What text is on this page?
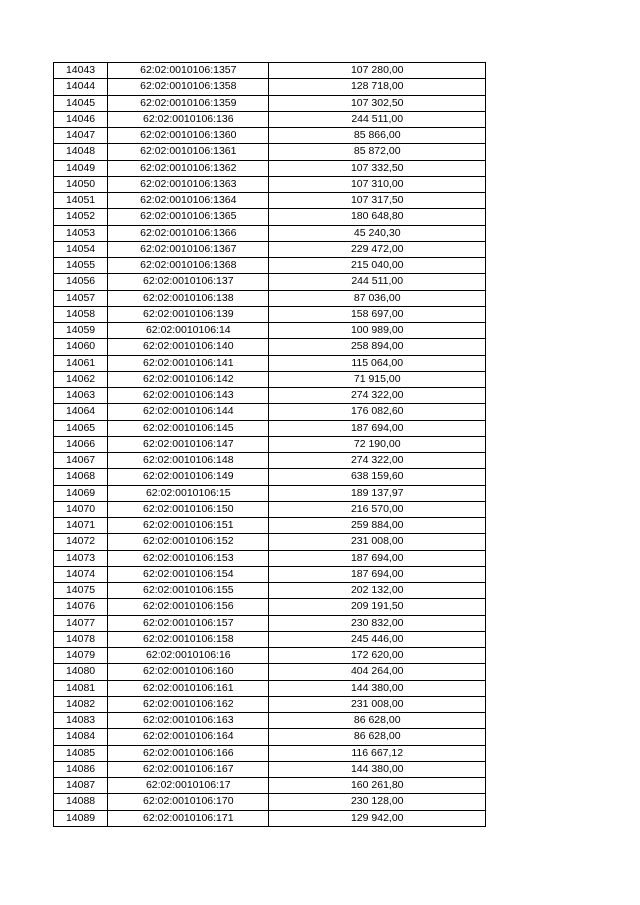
14043	62:02:0010106:1357	107 280,00
14044	62:02:0010106:1358	128 718,00
14045	62:02:0010106:1359	107 302,50
14046	62:02:0010106:136	244 511,00
14047	62:02:0010106:1360	85 866,00
14048	62:02:0010106:1361	85 872,00
14049	62:02:0010106:1362	107 332,50
14050	62:02:0010106:1363	107 310,00
14051	62:02:0010106:1364	107 317,50
14052	62:02:0010106:1365	180 648,80
14053	62:02:0010106:1366	45 240,30
14054	62:02:0010106:1367	229 472,00
14055	62:02:0010106:1368	215 040,00
14056	62:02:0010106:137	244 511,00
14057	62:02:0010106:138	87 036,00
14058	62:02:0010106:139	158 697,00
14059	62:02:0010106:14	100 989,00
14060	62:02:0010106:140	258 894,00
14061	62:02:0010106:141	115 064,00
14062	62:02:0010106:142	71 915,00
14063	62:02:0010106:143	274 322,00
14064	62:02:0010106:144	176 082,60
14065	62:02:0010106:145	187 694,00
14066	62:02:0010106:147	72 190,00
14067	62:02:0010106:148	274 322,00
14068	62:02:0010106:149	638 159,60
14069	62:02:0010106:15	189 137,97
14070	62:02:0010106:150	216 570,00
14071	62:02:0010106:151	259 884,00
14072	62:02:0010106:152	231 008,00
14073	62:02:0010106:153	187 694,00
14074	62:02:0010106:154	187 694,00
14075	62:02:0010106:155	202 132,00
14076	62:02:0010106:156	209 191,50
14077	62:02:0010106:157	230 832,00
14078	62:02:0010106:158	245 446,00
14079	62:02:0010106:16	172 620,00
14080	62:02:0010106:160	404 264,00
14081	62:02:0010106:161	144 380,00
14082	62:02:0010106:162	231 008,00
14083	62:02:0010106:163	86 628,00
14084	62:02:0010106:164	86 628,00
14085	62:02:0010106:166	116 667,12
14086	62:02:0010106:167	144 380,00
14087	62:02:0010106:17	160 261,80
14088	62:02:0010106:170	230 128,00
14089	62:02:0010106:171	129 942,00
